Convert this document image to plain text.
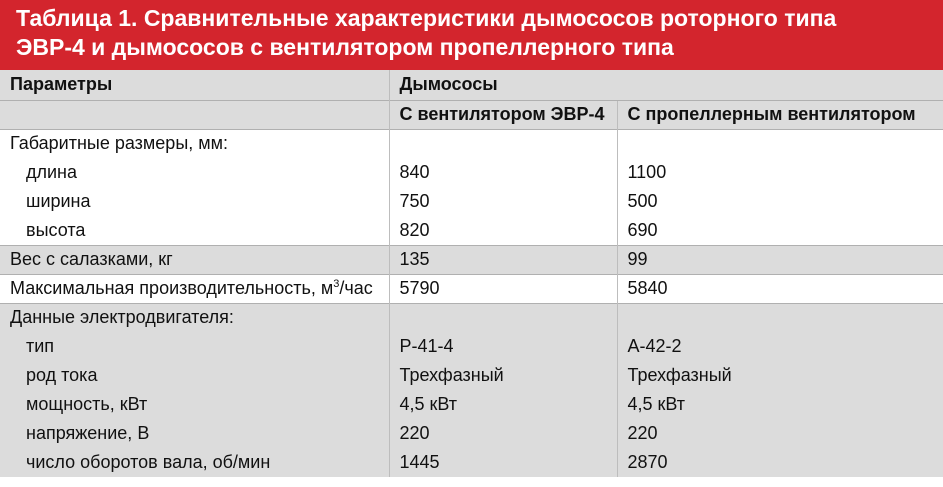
Таблица 1. Сравнительные характеристики дымососов роторного типа
ЭВР-4 и дымососов с вентилятором пропеллерного типа
Параметры	Дымососы	
	С вентилятором ЭВР-4	С пропеллерным вентилятором
Габаритные размеры, мм:		
длина	840	1100
ширина	750	500
высота	820	690
Вес с салазками, кг	135	99
Максимальная производительность, $м^3$/час	5790	5840
Данные электродвигателя:		
тип	Р-41-4	А-42-2
род тока	Трехфазный	Трехфазный
мощность, кВт	4,5 кВт	4,5 кВт
напряжение, В	220	220
число оборотов вала, об/мин	1445	2870
